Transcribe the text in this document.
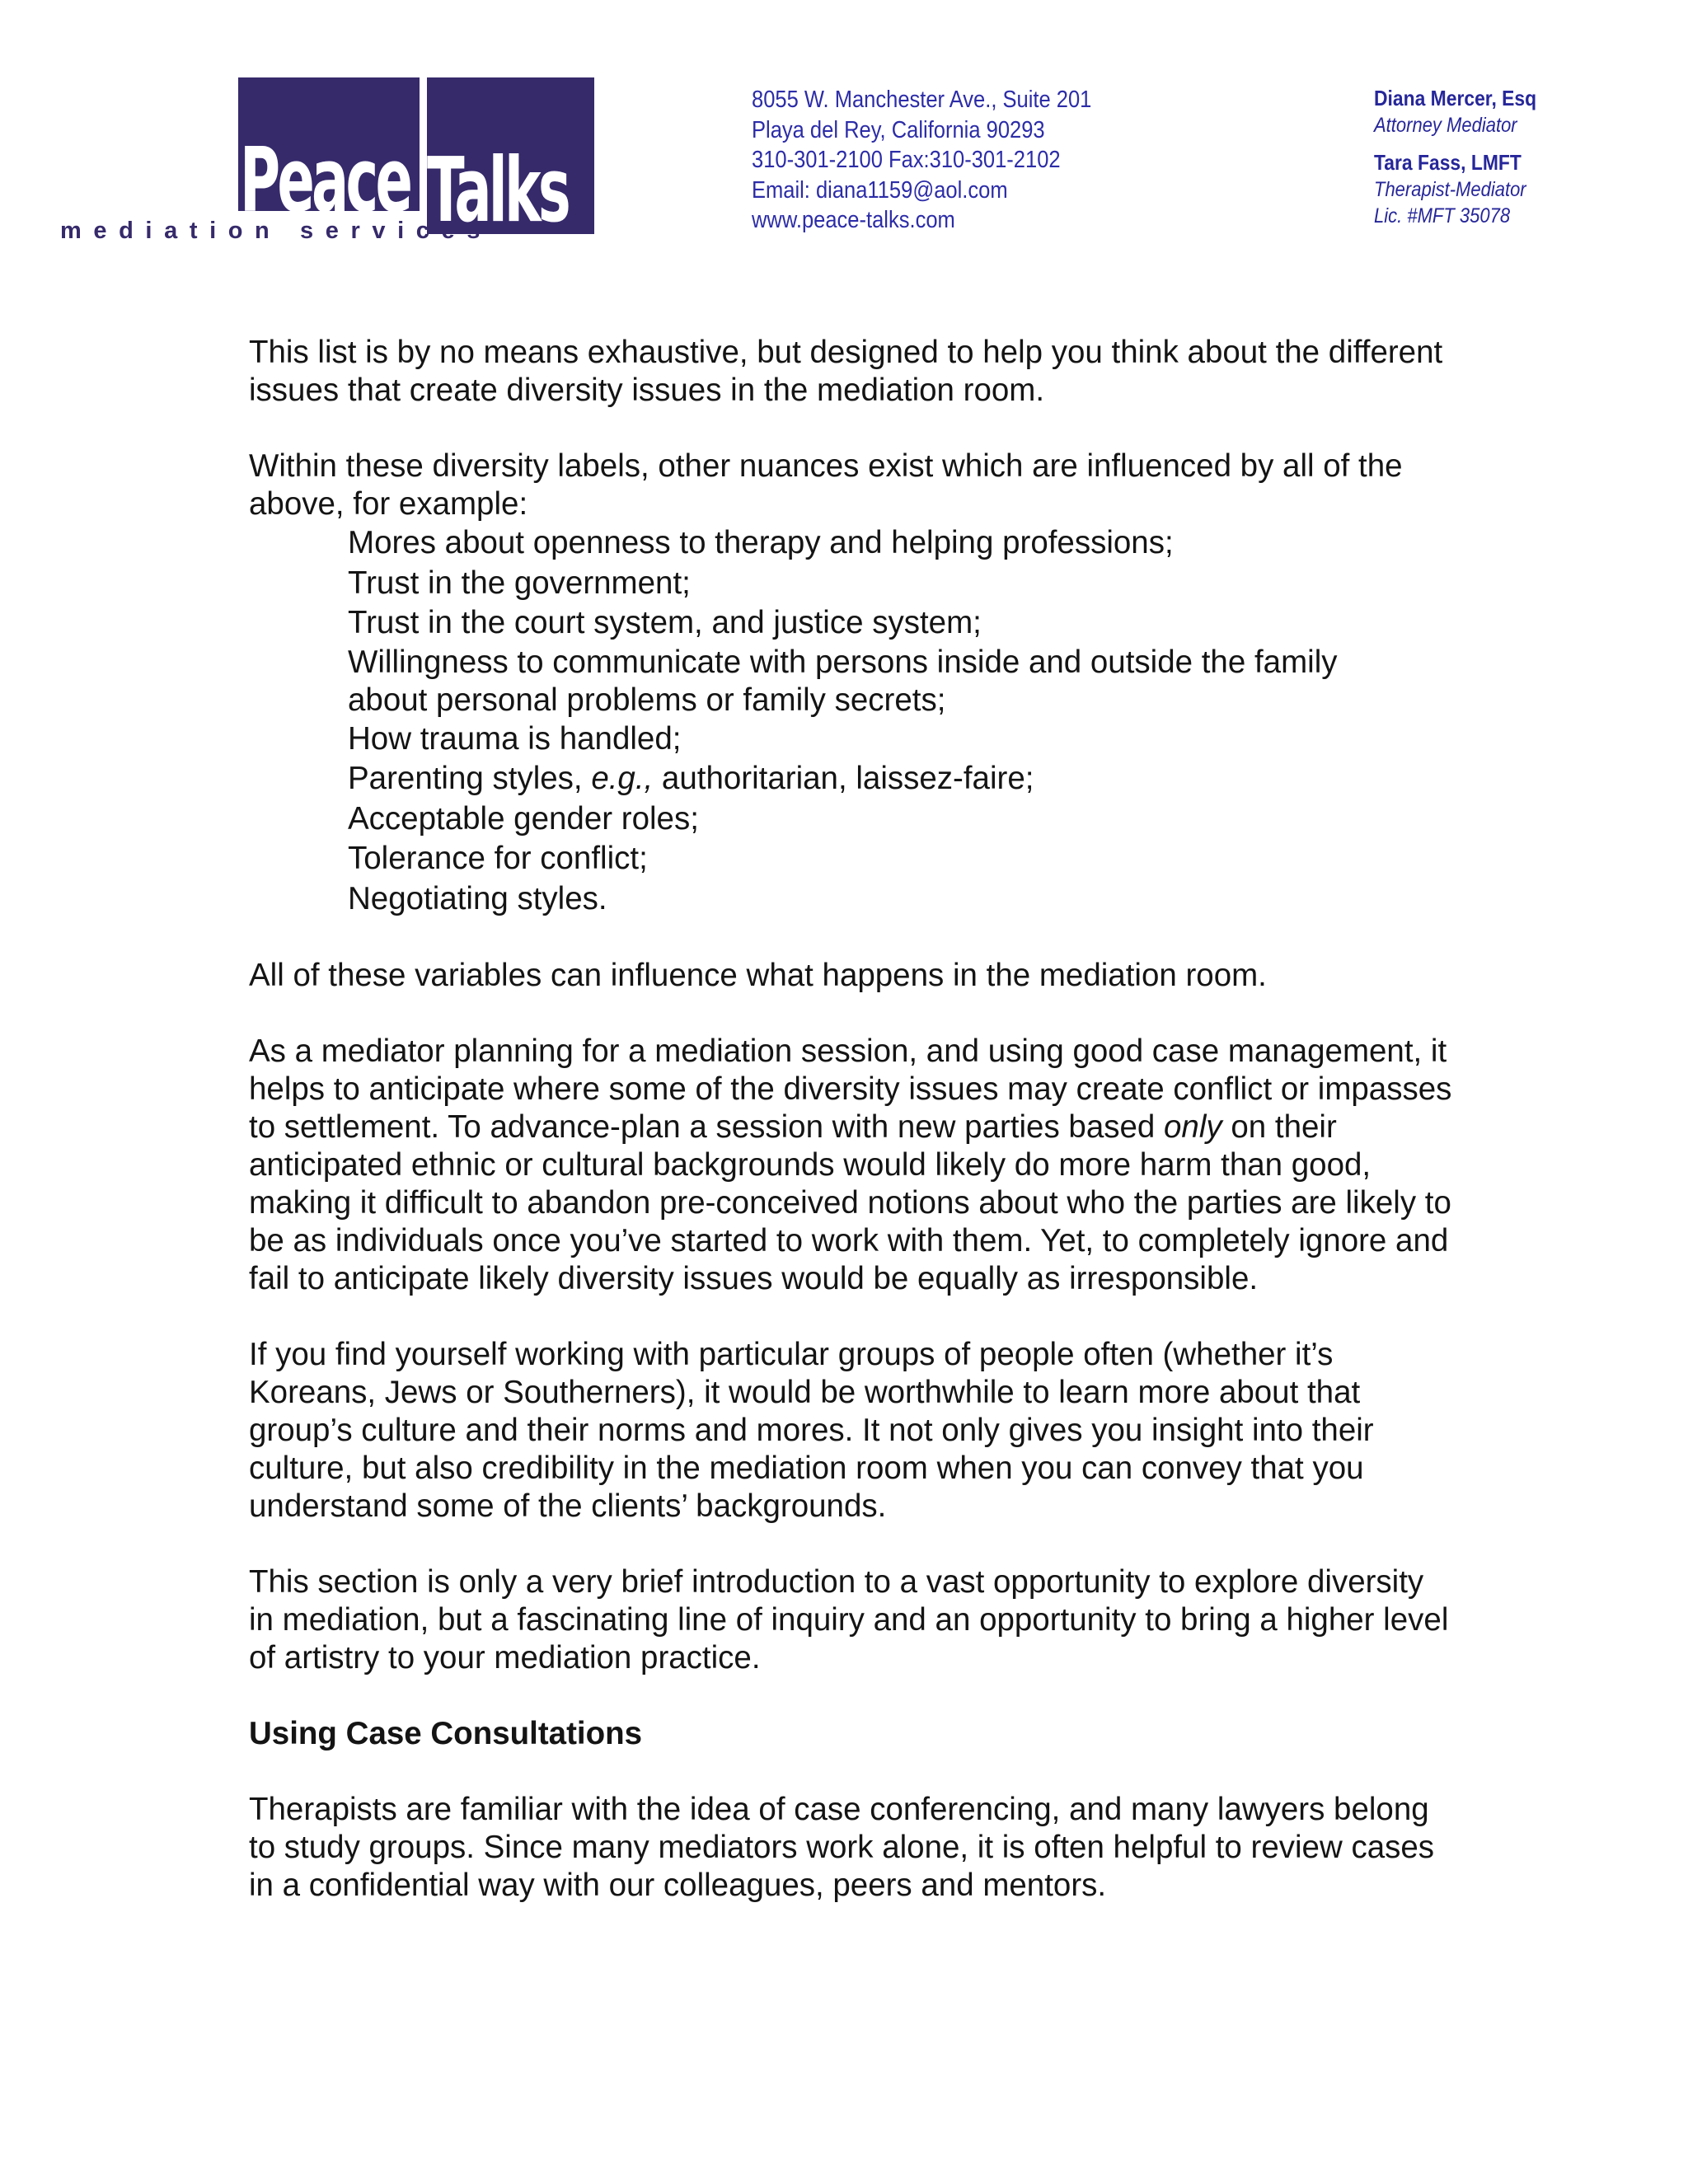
Peace Talks.
mediation services
8055 W. Manchester Ave., Suite 201
Playa del Rey, California 90293
310-301-2100 Fax:310-301-2102
Email: diana1159@aol.com
www.peace-talks.com
Diana Mercer, Esq
Attorney Mediator
Tara Fass, LMFT
Therapist-Mediator
Lic. #MFT 35078

This list is by no means exhaustive, but designed to help you think about the different issues that create diversity issues in the mediation room.

Within these diversity labels, other nuances exist which are influenced by all of the above, for example:

Mores about openness to therapy and helping professions;
Trust in the government;
Trust in the court system, and justice system;
Willingness to communicate with persons inside and outside the family
about personal problems or family secrets;
How trauma is handled;
Parenting styles, e.g., authoritarian, laissez-faire;
Acceptable gender roles;
Tolerance for conflict;
Negotiating styles.

All of these variables can influence what happens in the mediation room.

As a mediator planning for a mediation session, and using good case management, it helps to anticipate where some of the diversity issues may create conflict or impasses to settlement. To advance-plan a session with new parties based only on their anticipated ethnic or cultural backgrounds would likely do more harm than good, making it difficult to abandon pre-conceived notions about who the parties are likely to be as individuals once you’ve started to work with them. Yet, to completely ignore and fail to anticipate likely diversity issues would be equally as irresponsible.

If you find yourself working with particular groups of people often (whether it’s Koreans, Jews or Southerners), it would be worthwhile to learn more about that group’s culture and their norms and mores. It not only gives you insight into their culture, but also credibility in the mediation room when you can convey that you understand some of the clients’ backgrounds.

This section is only a very brief introduction to a vast opportunity to explore diversity in mediation, but a fascinating line of inquiry and an opportunity to bring a higher level of artistry to your mediation practice.

Using Case Consultations

Therapists are familiar with the idea of case conferencing, and many lawyers belong to study groups. Since many mediators work alone, it is often helpful to review cases in a confidential way with our colleagues, peers and mentors.
